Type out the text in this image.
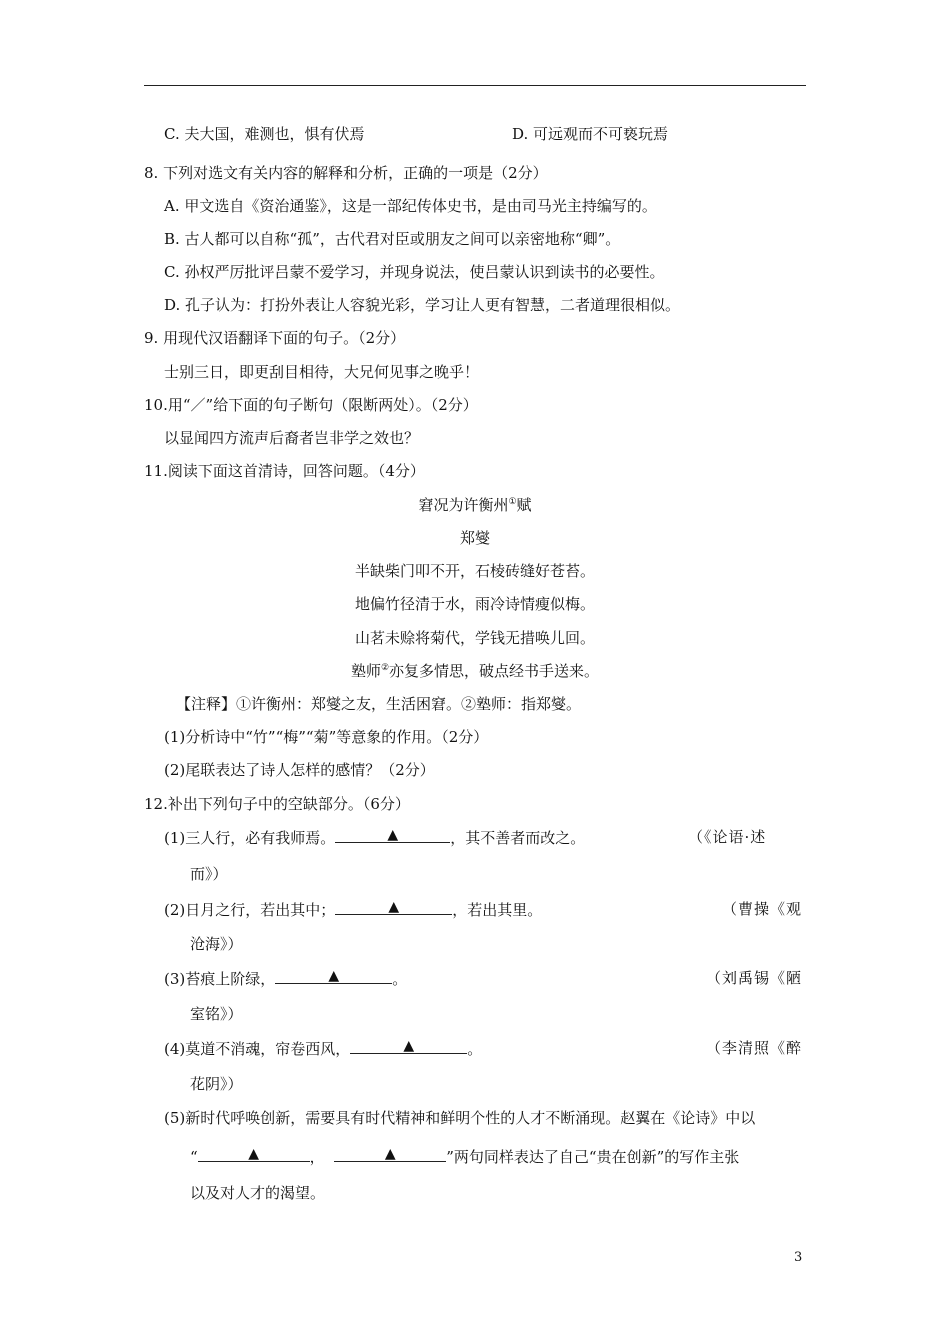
C. 夫大国，难测也，惧有伏焉	D. 可远观而不可亵玩焉
8. 下列对选文有关内容的解释和分析，正确的一项是（2分）
A. 甲文选自《资治通鉴》，这是一部纪传体史书，是由司马光主持编写的。
B. 古人都可以自称“孤”，古代君对臣或朋友之间可以亲密地称“卿”。
C. 孙权严厉批评吕蒙不爱学习，并现身说法，使吕蒙认识到读书的必要性。
D. 孔子认为：打扮外表让人容貌光彩，学习让人更有智慧，二者道理很相似。
9. 用现代汉语翻译下面的句子。（2分）
士别三日，即更刮目相待，大兄何见事之晚乎！
10.用“／”给下面的句子断句（限断两处）。（2分）
以显闻四方流声后裔者岂非学之效也？
11.阅读下面这首清诗，回答问题。（4分）
窘况为许衡州①赋
郑燮
半缺柴门叩不开，石棱砖缝好苍苔。
地偏竹径清于水，雨冷诗情瘦似梅。
山茗未赊将菊代，学钱无措唤儿回。
塾师②亦复多情思，破点经书手送来。
【注释】①许衡州：郑燮之友，生活困窘。②塾师：指郑燮。
(1)分析诗中“竹”“梅”“菊”等意象的作用。（2分）
(2)尾联表达了诗人怎样的感情？（2分）
12.补出下列句子中的空缺部分。（6分）
(1)三人行，必有我师焉。	▲	，其不善者而改之。	（《论语·述
而》）
(2)日月之行，若出其中；	▲	，若出其里。	（曹操《观
沧海》）
(3)苔痕上阶绿，	▲	。	（刘禹锡《陋
室铭》）
(4)莫道不消魂，帘卷西风，	▲	。	（李清照《醉
花阴》）
(5)新时代呼唤创新，需要具有时代精神和鲜明个性的人才不断涌现。赵翼在《论诗》中以
“	▲	，	▲	”两句同样表达了自己“贵在创新”的写作主张
以及对人才的渴望。
3
